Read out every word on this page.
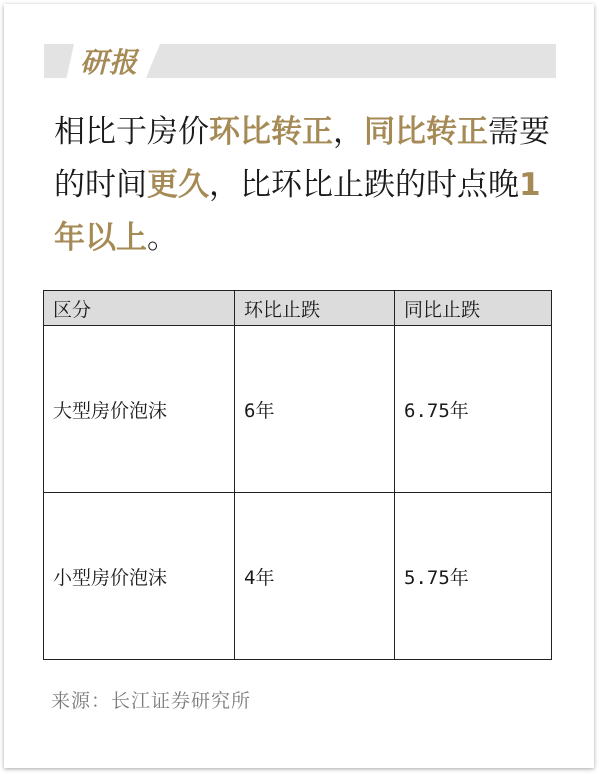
研报
相比于房价环比转正，同比转正需要的时间更久，比环比止跌的时点晚1年以上。
区分	环比止跌	同比止跌
大型房价泡沫	6年	6.75年
小型房价泡沫	4年	5.75年
来源：长江证券研究所
